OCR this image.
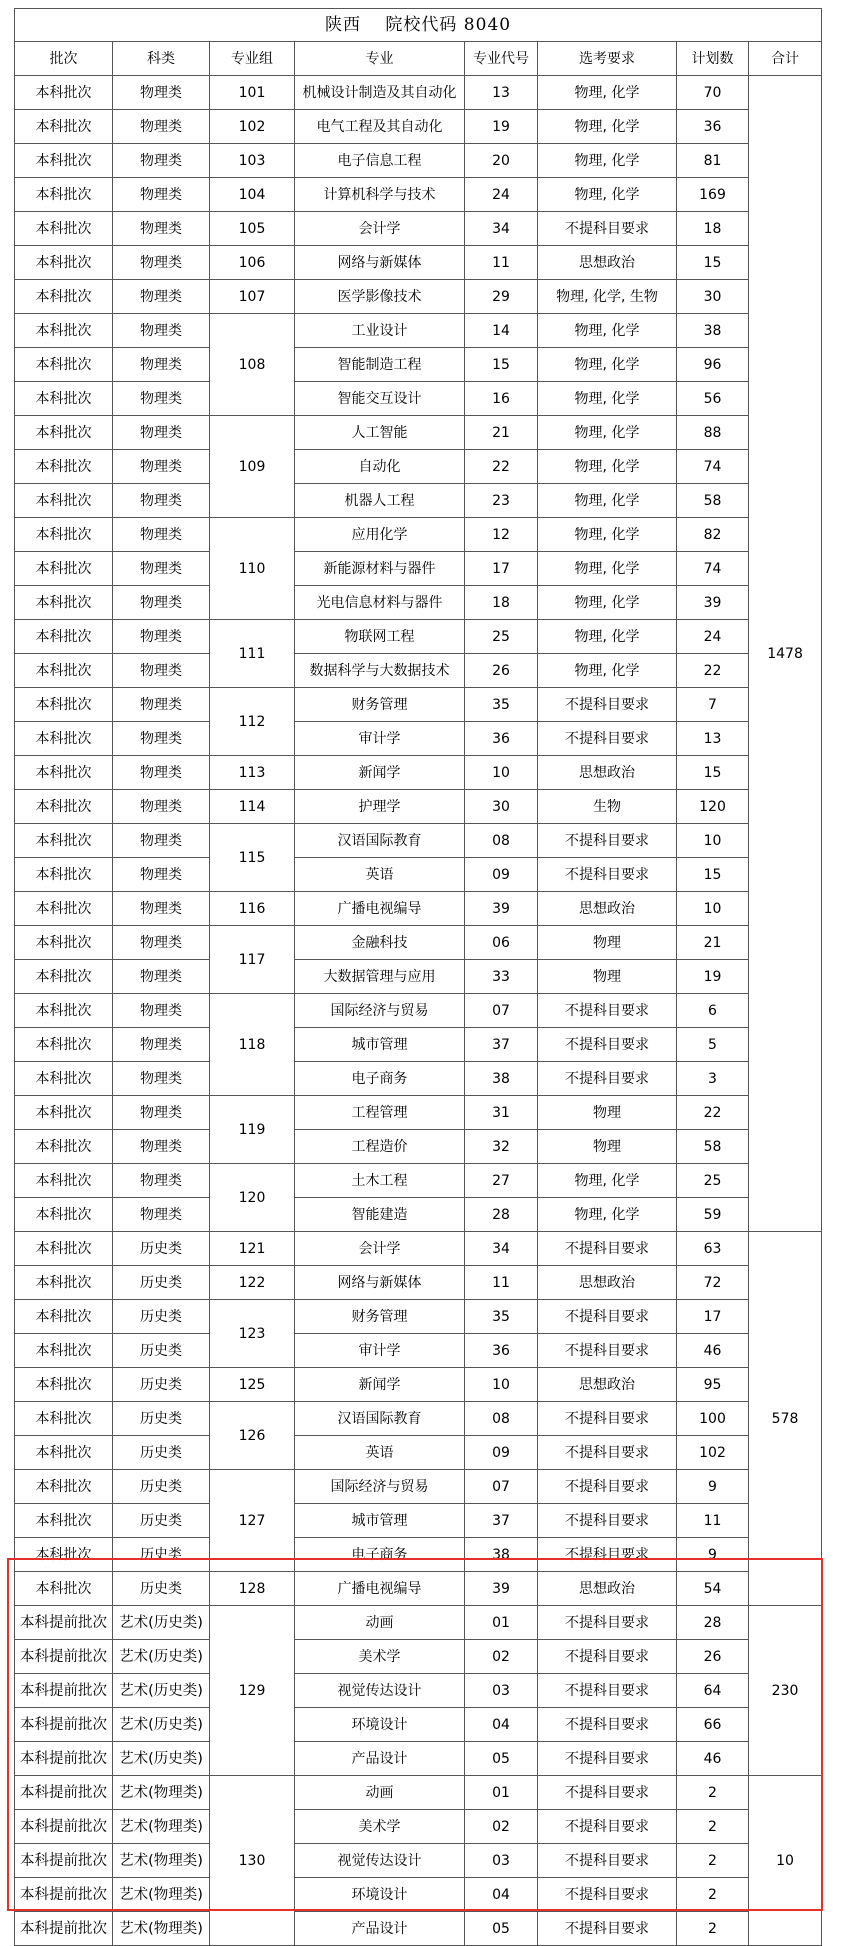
陕西　 院校代码 8040							
批次	科类	专业组	专业	专业代号	选考要求	计划数	合计
本科批次	物理类	101	机械设计制造及其自动化	13	物理, 化学	70	1478
本科批次	物理类	102	电气工程及其自动化	19	物理, 化学	36	
本科批次	物理类	103	电子信息工程	20	物理, 化学	81	
本科批次	物理类	104	计算机科学与技术	24	物理, 化学	169	
本科批次	物理类	105	会计学	34	不提科目要求	18	
本科批次	物理类	106	网络与新媒体	11	思想政治	15	
本科批次	物理类	107	医学影像技术	29	物理, 化学, 生物	30	
本科批次	物理类	108	工业设计	14	物理, 化学	38	
本科批次	物理类		智能制造工程	15	物理, 化学	96	
本科批次	物理类		智能交互设计	16	物理, 化学	56	
本科批次	物理类	109	人工智能	21	物理, 化学	88	
本科批次	物理类		自动化	22	物理, 化学	74	
本科批次	物理类		机器人工程	23	物理, 化学	58	
本科批次	物理类	110	应用化学	12	物理, 化学	82	
本科批次	物理类		新能源材料与器件	17	物理, 化学	74	
本科批次	物理类		光电信息材料与器件	18	物理, 化学	39	
本科批次	物理类	111	物联网工程	25	物理, 化学	24	
本科批次	物理类		数据科学与大数据技术	26	物理, 化学	22	
本科批次	物理类	112	财务管理	35	不提科目要求	7	
本科批次	物理类		审计学	36	不提科目要求	13	
本科批次	物理类	113	新闻学	10	思想政治	15	
本科批次	物理类	114	护理学	30	生物	120	
本科批次	物理类	115	汉语国际教育	08	不提科目要求	10	
本科批次	物理类		英语	09	不提科目要求	15	
本科批次	物理类	116	广播电视编导	39	思想政治	10	
本科批次	物理类	117	金融科技	06	物理	21	
本科批次	物理类		大数据管理与应用	33	物理	19	
本科批次	物理类	118	国际经济与贸易	07	不提科目要求	6	
本科批次	物理类		城市管理	37	不提科目要求	5	
本科批次	物理类		电子商务	38	不提科目要求	3	
本科批次	物理类	119	工程管理	31	物理	22	
本科批次	物理类		工程造价	32	物理	58	
本科批次	物理类	120	土木工程	27	物理, 化学	25	
本科批次	物理类		智能建造	28	物理, 化学	59	
本科批次	历史类	121	会计学	34	不提科目要求	63	578
本科批次	历史类	122	网络与新媒体	11	思想政治	72	
本科批次	历史类	123	财务管理	35	不提科目要求	17	
本科批次	历史类		审计学	36	不提科目要求	46	
本科批次	历史类	125	新闻学	10	思想政治	95	
本科批次	历史类	126	汉语国际教育	08	不提科目要求	100	
本科批次	历史类		英语	09	不提科目要求	102	
本科批次	历史类	127	国际经济与贸易	07	不提科目要求	9	
本科批次	历史类		城市管理	37	不提科目要求	11	
本科批次	历史类		电子商务	38	不提科目要求	9	
本科批次	历史类	128	广播电视编导	39	思想政治	54	
本科提前批次	艺术(历史类)	129	动画	01	不提科目要求	28	230
本科提前批次	艺术(历史类)		美术学	02	不提科目要求	26	
本科提前批次	艺术(历史类)		视觉传达设计	03	不提科目要求	64	
本科提前批次	艺术(历史类)		环境设计	04	不提科目要求	66	
本科提前批次	艺术(历史类)		产品设计	05	不提科目要求	46	
本科提前批次	艺术(物理类)	130	动画	01	不提科目要求	2	10
本科提前批次	艺术(物理类)		美术学	02	不提科目要求	2	
本科提前批次	艺术(物理类)		视觉传达设计	03	不提科目要求	2	
本科提前批次	艺术(物理类)		环境设计	04	不提科目要求	2	
本科提前批次	艺术(物理类)		产品设计	05	不提科目要求	2	
